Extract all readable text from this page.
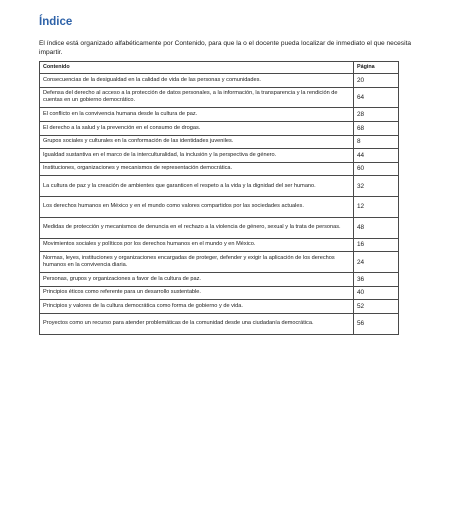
Índice

El índice está organizado alfabéticamente por Contenido, para que la o el docente pueda localizar de inmediato el que necesita impartir.

Contenido	Página
Consecuencias de la desigualdad en la calidad de vida de las personas y comunidades.	20
Defensa del derecho al acceso a la protección de datos personales, a la información, la transparencia y la rendición de cuentas en un gobierno democrático.	64
El conflicto en la convivencia humana desde la cultura de paz.	28
El derecho a la salud y la prevención en el consumo de drogas.	68
Grupos sociales y culturales en la conformación de las identidades juveniles.	8
Igualdad sustantiva en el marco de la interculturalidad, la inclusión y la perspectiva de género.	44
Instituciones, organizaciones y mecanismos de representación democrática.	60
La cultura de paz y la creación de ambientes que garanticen el respeto a la vida y la dignidad del ser humano.	32
Los derechos humanos en México y en el mundo como valores compartidos por las sociedades actuales.	12
Medidas de protección y mecanismos de denuncia en el rechazo a la violencia de género, sexual y la trata de personas.	48
Movimientos sociales y políticos por los derechos humanos en el mundo y en México.	16
Normas, leyes, instituciones y organizaciones encargadas de proteger, defender y exigir la aplicación de los derechos humanos en la convivencia diaria.	24
Personas, grupos y organizaciones a favor de la cultura de paz.	36
Principios éticos como referente para un desarrollo sustentable.	40
Principios y valores de la cultura democrática como forma de gobierno y de vida.	52
Proyectos como un recurso para atender problemáticas de la comunidad desde una ciudadanía democrática.	56
